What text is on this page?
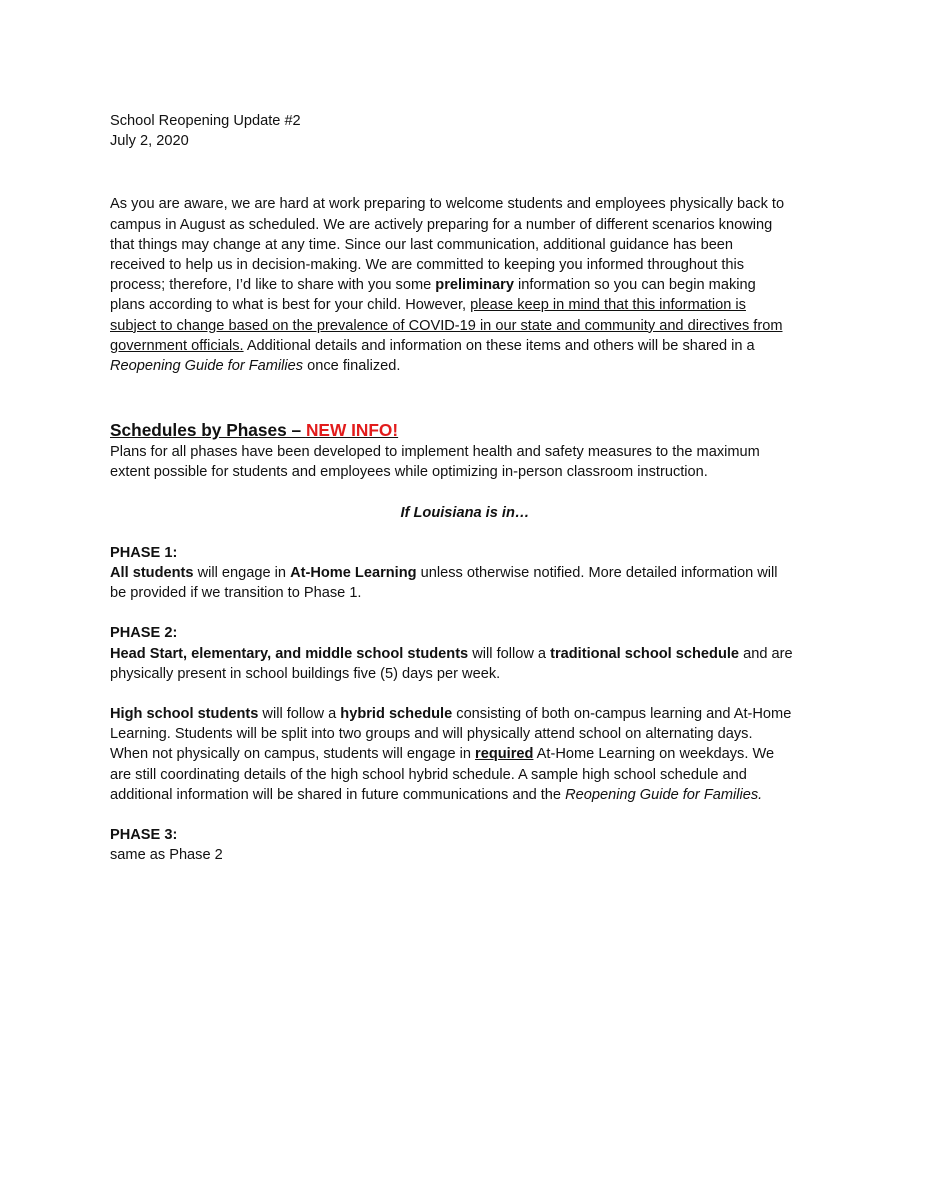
School Reopening Update #2
July 2, 2020
As you are aware, we are hard at work preparing to welcome students and employees physically back to
campus in August as scheduled. We are actively preparing for a number of different scenarios knowing
that things may change at any time. Since our last communication, additional guidance has been
received to help us in decision-making. We are committed to keeping you informed throughout this
process; therefore, I’d like to share with you some preliminary information so you can begin making
plans according to what is best for your child. However, please keep in mind that this information is
subject to change based on the prevalence of COVID-19 in our state and community and directives from
government officials. Additional details and information on these items and others will be shared in a
Reopening Guide for Families once finalized.
Schedules by Phases – NEW INFO!
Plans for all phases have been developed to implement health and safety measures to the maximum
extent possible for students and employees while optimizing in-person classroom instruction.
If Louisiana is in…
PHASE 1:
All students will engage in At-Home Learning unless otherwise notified. More detailed information will
be provided if we transition to Phase 1.
PHASE 2:
Head Start, elementary, and middle school students will follow a traditional school schedule and are
physically present in school buildings five (5) days per week.
High school students will follow a hybrid schedule consisting of both on-campus learning and At-Home
Learning. Students will be split into two groups and will physically attend school on alternating days.
When not physically on campus, students will engage in required At-Home Learning on weekdays. We
are still coordinating details of the high school hybrid schedule. A sample high school schedule and
additional information will be shared in future communications and the Reopening Guide for Families.
PHASE 3:
same as Phase 2
